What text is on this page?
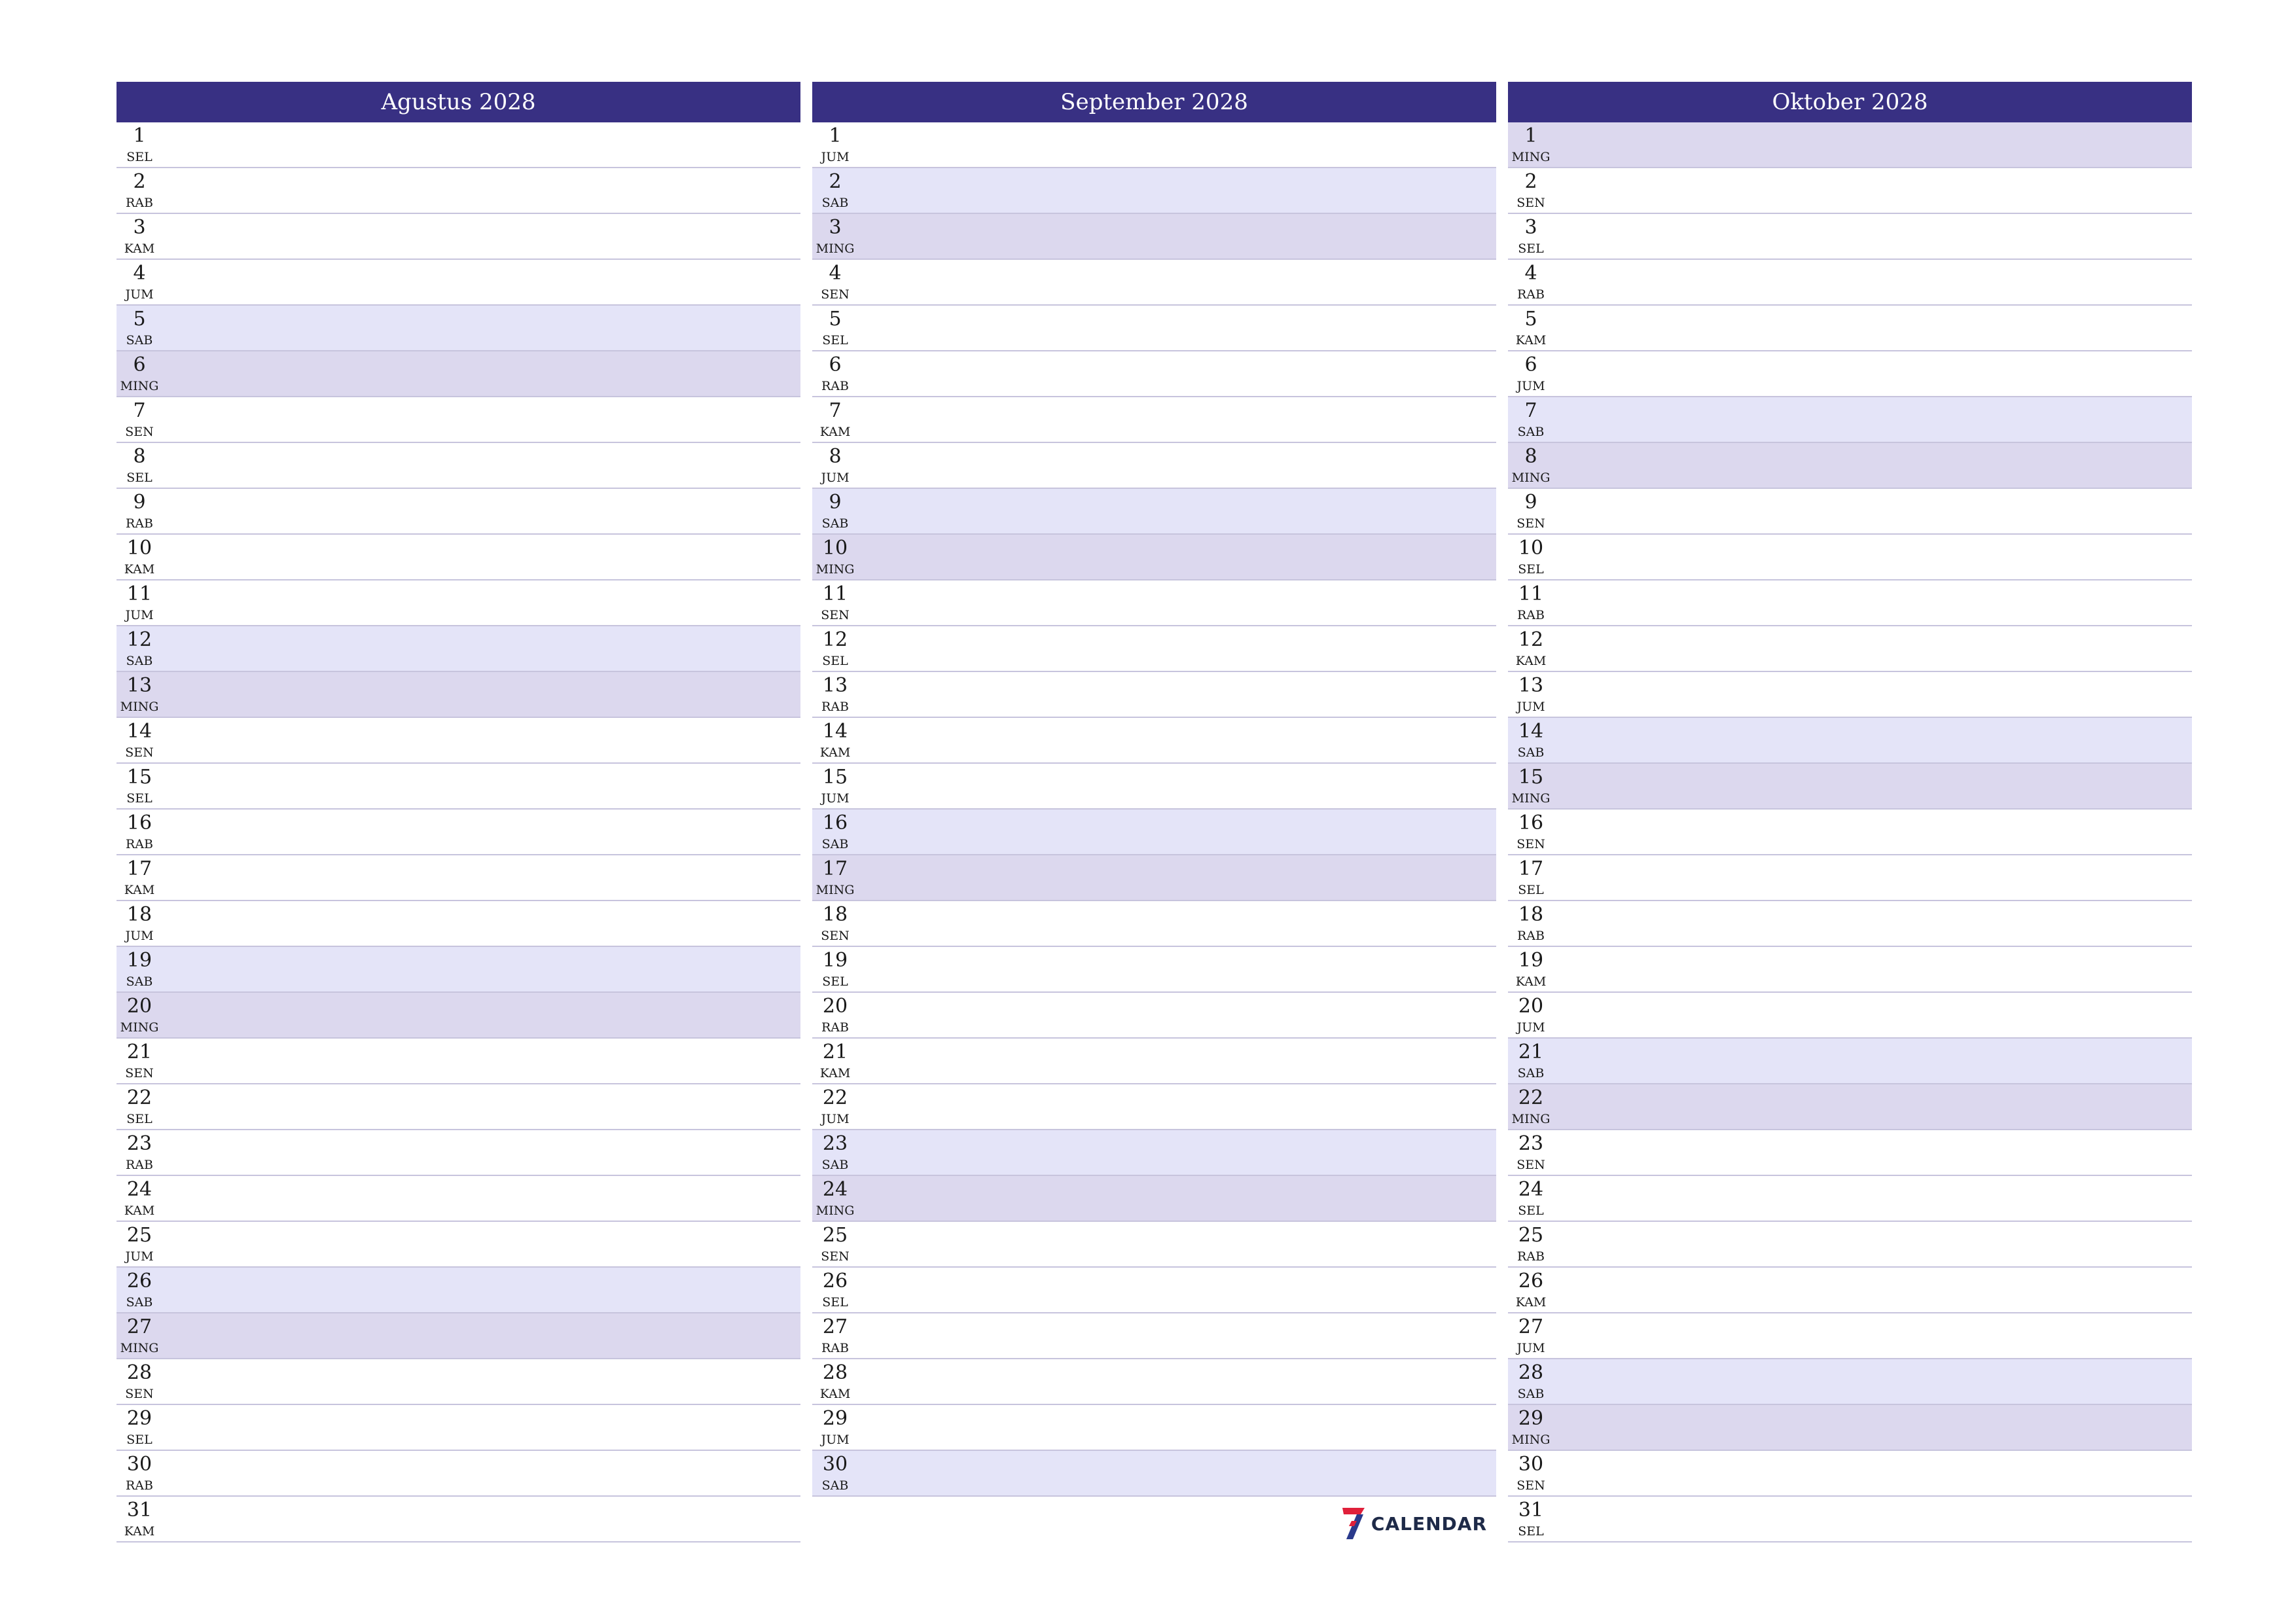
Agustus 2028
1
SEL
2
RAB
3
KAM
4
JUM
5
SAB
6
MING
7
SEN
8
SEL
9
RAB
10
KAM
11
JUM
12
SAB
13
MING
14
SEN
15
SEL
16
RAB
17
KAM
18
JUM
19
SAB
20
MING
21
SEN
22
SEL
23
RAB
24
KAM
25
JUM
26
SAB
27
MING
28
SEN
29
SEL
30
RAB
31
KAM
September 2028
1
JUM
2
SAB
3
MING
4
SEN
5
SEL
6
RAB
7
KAM
8
JUM
9
SAB
10
MING
11
SEN
12
SEL
13
RAB
14
KAM
15
JUM
16
SAB
17
MING
18
SEN
19
SEL
20
RAB
21
KAM
22
JUM
23
SAB
24
MING
25
SEN
26
SEL
27
RAB
28
KAM
29
JUM
30
SAB
CALENDAR
Oktober 2028
1
MING
2
SEN
3
SEL
4
RAB
5
KAM
6
JUM
7
SAB
8
MING
9
SEN
10
SEL
11
RAB
12
KAM
13
JUM
14
SAB
15
MING
16
SEN
17
SEL
18
RAB
19
KAM
20
JUM
21
SAB
22
MING
23
SEN
24
SEL
25
RAB
26
KAM
27
JUM
28
SAB
29
MING
30
SEN
31
SEL
